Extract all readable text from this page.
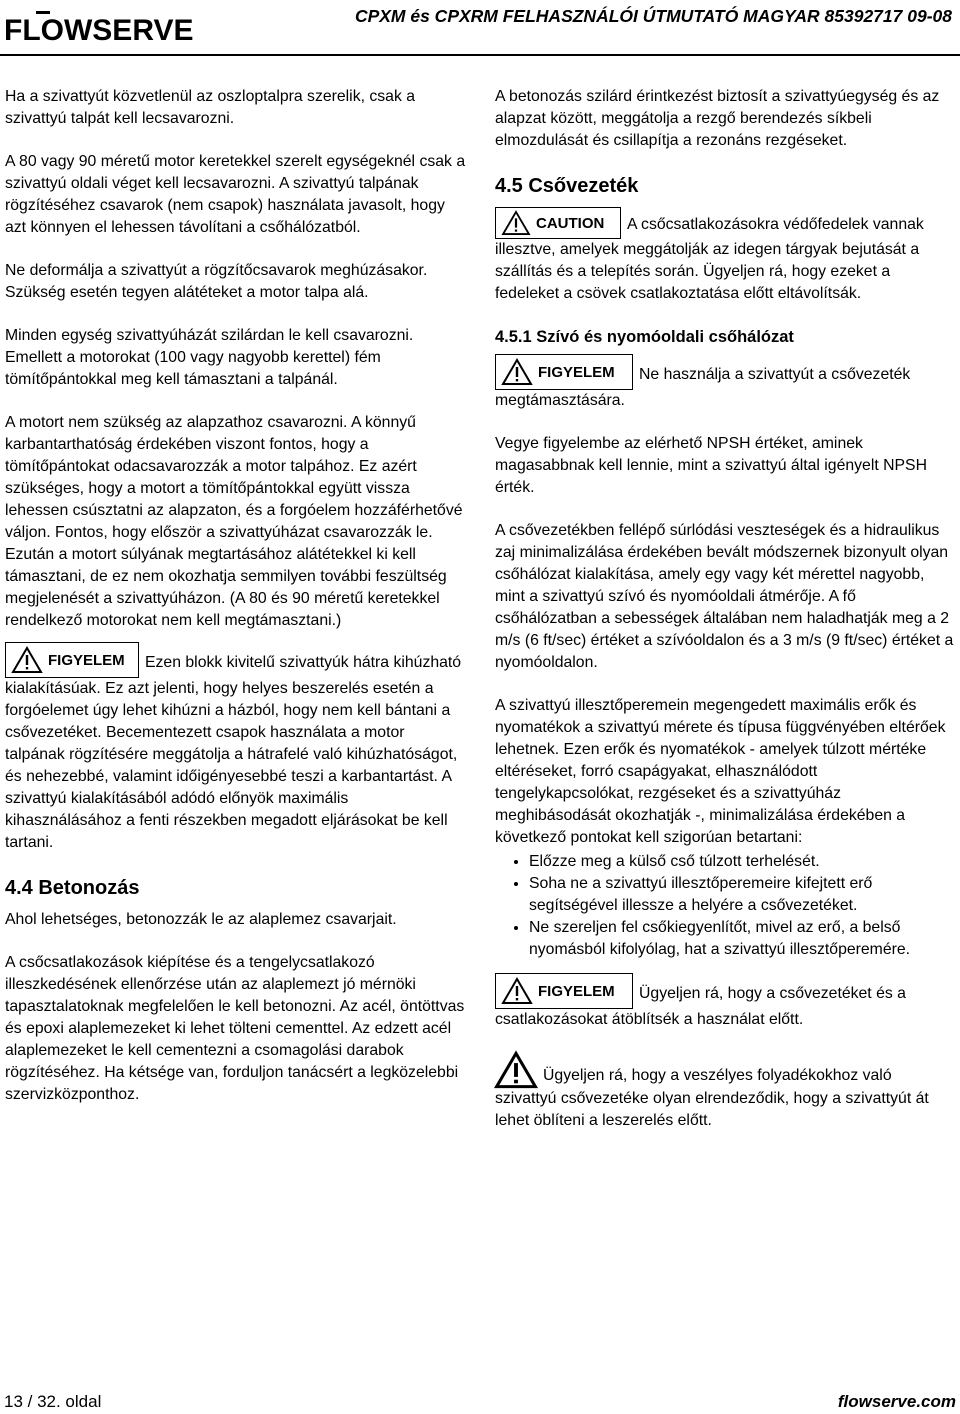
FLOWSERVE	CPXM és CPXRM FELHASZNÁLÓI ÚTMUTATÓ MAGYAR 85392717 09-08

Ha a szivattyút közvetlenül az oszloptalpra szerelik, csak a szivattyú talpát kell lecsavarozni.

A 80 vagy 90 méretű motor keretekkel szerelt egységeknél csak a szivattyú oldali véget kell lecsavarozni. A szivattyú talpának rögzítéséhez csavarok (nem csapok) használata javasolt, hogy azt könnyen el lehessen távolítani a csőhálózatból.

Ne deformálja a szivattyút a rögzítőcsavarok meghúzásakor. Szükség esetén tegyen alátéteket a motor talpa alá.

Minden egység szivattyúházát szilárdan le kell csavarozni. Emellett a motorokat (100 vagy nagyobb kerettel) fém tömítőpántokkal meg kell támasztani a talpánál.

A motort nem szükség az alapzathoz csavarozni. A könnyű karbantarthatóság érdekében viszont fontos, hogy a tömítőpántokat odacsavarozzák a motor talpához. Ez azért szükséges, hogy a motort a tömítőpántokkal együtt vissza lehessen csúsztatni az alapzaton, és a forgóelem hozzáférhetővé váljon. Fontos, hogy először a szivattyúházat csavarozzák le. Ezután a motort súlyának megtartásához alátétekkel ki kell támasztani, de ez nem okozhatja semmilyen további feszültség megjelenését a szivattyúházon. (A 80 és 90 méretű keretekkel rendelkező motorokat nem kell megtámasztani.)

FIGYELEM Ezen blokk kivitelű szivattyúk hátra kihúzható kialakításúak. Ez azt jelenti, hogy helyes beszerelés esetén a forgóelemet úgy lehet kihúzni a házból, hogy nem kell bántani a csővezetéket. Becementezett csapok használata a motor talpának rögzítésére meggátolja a hátrafelé való kihúzhatóságot, és nehezebbé, valamint időigényesebbé teszi a karbantartást. A szivattyú kialakításából adódó előnyök maximális kihasználásához a fenti részekben megadott eljárásokat be kell tartani.

4.4 Betonozás

Ahol lehetséges, betonozzák le az alaplemez csavarjait.

A csőcsatlakozások kiépítése és a tengelycsatlakozó illeszkedésének ellenőrzése után az alaplemezt jó mérnöki tapasztalatoknak megfelelően le kell betonozni. Az acél, öntöttvas és epoxi alaplemezeket ki lehet tölteni cementtel. Az edzett acél alaplemezeket le kell cementezni a csomagolási darabok rögzítéséhez. Ha kétsége van, forduljon tanácsért a legközelebbi szervizközponthoz.

A betonozás szilárd érintkezést biztosít a szivattyúegység és az alapzat között, meggátolja a rezgő berendezés síkbeli elmozdulását és csillapítja a rezonáns rezgéseket.

4.5 Csővezeték

CAUTION A csőcsatlakozásokra védőfedelek vannak illesztve, amelyek meggátolják az idegen tárgyak bejutását a szállítás és a telepítés során. Ügyeljen rá, hogy ezeket a fedeleket a csövek csatlakoztatása előtt eltávolítsák.

4.5.1 Szívó és nyomóoldali csőhálózat

FIGYELEM Ne használja a szivattyút a csővezeték megtámasztására.

Vegye figyelembe az elérhető NPSH értéket, aminek magasabbnak kell lennie, mint a szivattyú által igényelt NPSH érték.

A csővezetékben fellépő súrlódási veszteségek és a hidraulikus zaj minimalizálása érdekében bevált módszernek bizonyult olyan csőhálózat kialakítása, amely egy vagy két mérettel nagyobb, mint a szivattyú szívó és nyomóoldali átmérője. A fő csőhálózatban a sebességek általában nem haladhatják meg a 2 m/s (6 ft/sec) értéket a szívóoldalon és a 3 m/s (9 ft/sec) értéket a nyomóoldalon.

A szivattyú illesztőperemein megengedett maximális erők és nyomatékok a szivattyú mérete és típusa függvényében eltérőek lehetnek. Ezen erők és nyomatékok - amelyek túlzott mértéke eltéréseket, forró csapágyakat, elhasználódott tengelykapcsolókat, rezgéseket és a szivattyúház meghibásodását okozhatják -, minimalizálása érdekében a következő pontokat kell szigorúan betartani:

• Előzze meg a külső cső túlzott terhelését.
• Soha ne a szivattyú illesztőperemeire kifejtett erő segítségével illessze a helyére a csővezetéket.
• Ne szereljen fel csőkiegyenlítőt, mivel az erő, a belső nyomásból kifolyólag, hat a szivattyú illesztőperemére.

FIGYELEM Ügyeljen rá, hogy a csővezetéket és a csatlakozásokat átöblítsék a használat előtt.

Ügyeljen rá, hogy a veszélyes folyadékokhoz való szivattyú csővezetéke olyan elrendeződik, hogy a szivattyút át lehet öblíteni a leszerelés előtt.

13 / 32. oldal	flowserve.com
